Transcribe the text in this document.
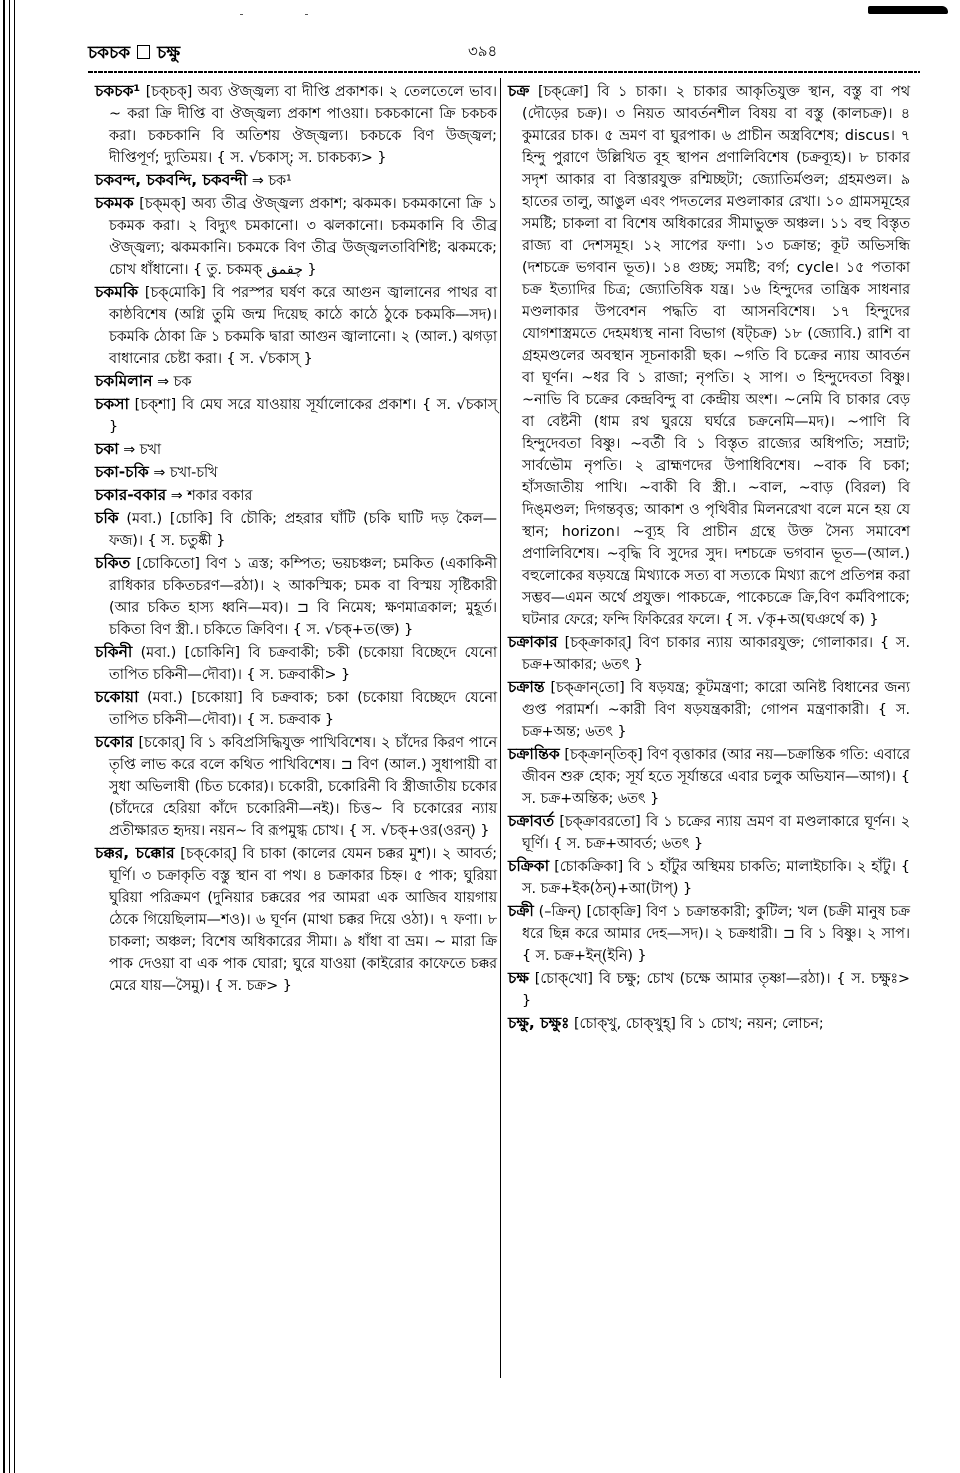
চকচক চক্ষু	৩৯৪

চকচক¹ [চক্‌চক্] অব্য ঔজ্জ্বল্য বা দীপ্তি প্রকাশক। ২ তেলতেলে ভাব। ~ করা ক্রি দীপ্তি বা ঔজ্জ্বল্য প্রকাশ পাওয়া। চকচকানো ক্রি চকচক করা। চকচকানি বি অতিশয় ঔজ্জ্বল্য। চকচকে বিণ উজ্জ্বল; দীপ্তিপূর্ণ; দ্যুতিময়। { স. √চকাস্; স. চাকচক্য> }

চকবন্দ, চকবন্দি, চকবন্দী ⇒ চক¹

চকমক [চক্‌মক্] অব্য তীব্র ঔজ্জ্বল্য প্রকাশ; ঝকমক। চকমকানো ক্রি ১ চকমক করা। ২ বিদ্যুৎ চমকানো। ৩ ঝলকানো। চকমকানি বি তীব্র ঔজ্জ্বল্য; ঝকমকানি। চকমকে বিণ তীব্র উজ্জ্বলতাবিশিষ্ট; ঝকমকে; চোখ ধাঁধানো। { তু. চকমক্ چقمق }

চকমকি [চক্‌মোকি] বি পরস্পর ঘর্ষণ করে আগুন জ্বালানের পাথর বা কাষ্ঠবিশেষ (অগ্নি তুমি জন্ম দিয়েছ কাঠে কাঠে ঠুকে চকমকি—সদ)। চকমকি ঠোকা ক্রি ১ চকমকি দ্বারা আগুন জ্বালানো। ২ (আল.) ঝগড়া বাধানোর চেষ্টা করা। { স. √চকাস্ }

চকমিলান ⇒ চক

চকসা [চক্‌শা] বি মেঘ সরে যাওয়ায় সূর্যালোকের প্রকাশ। { স. √চকাস্ }

চকা ⇒ চখা

চকা-চকি ⇒ চখা-চখি

চকার-বকার ⇒ শকার বকার

চকি (মবা.) [চোকি] বি চৌকি; প্রহরার ঘাঁটি (চকি ঘাটি দড় কৈল—ফজ)। { স. চতুষ্কী }

চকিত [চোকিতো] বিণ ১ ত্রস্ত; কম্পিত; ভয়চঞ্চল; চমকিত (একাকিনী রাধিকার চকিতচরণ—রঠা)। ২ আকস্মিক; চমক বা বিস্ময় সৃষ্টিকারী (আর চকিত হাস্য ধ্বনি—মব)। ⊐ বি নিমেষ; ক্ষণমাত্রকাল; মুহূর্ত। চকিতা বিণ স্ত্রী.। চকিতে ক্রিবিণ। { স. √চক্+ত(ক্ত) }

চকিনী (মবা.) [চোকিনি] বি চক্রবাকী; চকী (চকোয়া বিচ্ছেদে যেনো তাপিত চকিনী—দৌবা)। { স. চক্রবাকী> }

চকোয়া (মবা.) [চকোয়া] বি চক্রবাক; চকা (চকোয়া বিচ্ছেদে যেনো তাপিত চকিনী—দৌবা)। { স. চক্রবাক }

চকোর [চকোর্] বি ১ কবিপ্রসিদ্ধিযুক্ত পাখিবিশেষ। ২ চাঁদের কিরণ পানে তৃপ্তি লাভ করে বলে কথিত পাখিবিশেষ। ⊐ বিণ (আল.) সুধাপায়ী বা সুধা অভিলাষী (চিত চকোর)। চকোরী, চকোরিনী বি স্ত্রীজাতীয় চকোর (চাঁদেরে হেরিয়া কাঁদে চকোরিনী—নই)। চিত্ত~ বি চকোরের ন্যায় প্রতীক্ষারত হৃদয়। নয়ন~ বি রূপমুগ্ধ চোখ। { স. √চক্+ওর(ওরন্) }

চক্কর, চক্কোর [চক্‌কোর্] বি চাকা (কালের যেমন চক্কর মুশ)। ২ আবর্ত; ঘূর্ণি। ৩ চক্রাকৃতি বস্তু স্থান বা পথ। ৪ চক্রাকার চিহ্ন। ৫ পাক; ঘুরিয়া ঘুরিয়া পরিক্রমণ (দুনিয়ার চক্করের পর আমরা এক আজিব যায়গায় ঠেকে গিয়েছিলাম—শও)। ৬ ঘূর্ণন (মাথা চক্কর দিয়ে ওঠা)। ৭ ফণা। ৮ চাকলা; অঞ্চল; বিশেষ অধিকারের সীমা। ৯ ধাঁধা বা ভ্রম। ~ মারা ক্রি পাক দেওয়া বা এক পাক ঘোরা; ঘুরে যাওয়া (কাইরোর কাফেতে চক্কর মেরে যায়—সৈমু)। { স. চক্র> }

চক্র [চক্‌ক্রো] বি ১ চাকা। ২ চাকার আকৃতিযুক্ত স্থান, বস্তু বা পথ (দৌড়ের চক্র)। ৩ নিয়ত আবর্তনশীল বিষয় বা বস্তু (কালচক্র)। ৪ কুমারের চাক। ৫ ভ্রমণ বা ঘুরপাক। ৬ প্রাচীন অস্ত্রবিশেষ; discus। ৭ হিন্দু পুরাণে উল্লিখিত বূহ স্থাপন প্রণালিবিশেষ (চক্রব্যূহ)। ৮ চাকার সদৃশ আকার বা বিস্তারযুক্ত রশ্মিচ্ছটা; জ্যোতির্মণ্ডল; গ্রহমণ্ডল। ৯ হাতের তালু, আঙুল এবং পদতলের মণ্ডলাকার রেখা। ১০ গ্রামসমূহের সমষ্টি; চাকলা বা বিশেষ অধিকারের সীমাভুক্ত অঞ্চল। ১১ বহু বিস্তৃত রাজ্য বা দেশসমূহ। ১২ সাপের ফণা। ১৩ চক্রান্ত; কূট অভিসন্ধি (দশচক্রে ভগবান ভূত)। ১৪ গুচ্ছ; সমষ্টি; বর্গ; cycle। ১৫ পতাকা চক্র ইত্যাদির চিত্র; জ্যোতিষিক যন্ত্র। ১৬ হিন্দুদের তান্ত্রিক সাধনার মণ্ডলাকার উপবেশন পদ্ধতি বা আসনবিশেষ। ১৭ হিন্দুদের যোগশাস্ত্রমতে দেহমধ্যস্থ নানা বিভাগ (ষট্‌চক্র) ১৮ (জ্যোবি.) রাশি বা গ্রহমণ্ডলের অবস্থান সূচনাকারী ছক। ~গতি বি চক্রের ন্যায় আবর্তন বা ঘূর্ণন। ~ধর বি ১ রাজা; নৃপতি। ২ সাপ। ৩ হিন্দুদেবতা বিষ্ণু। ~নাভি বি চক্রের কেন্দ্রবিন্দু বা কেন্দ্রীয় অংশ। ~নেমি বি চাকার বেড় বা বেষ্টনী (ধাম রথ ঘুরয়ে ঘর্ঘরে চক্রনেমি—মদ)। ~পাণি বি হিন্দুদেবতা বিষ্ণু। ~বর্তী বি ১ বিস্তৃত রাজ্যের অধিপতি; সম্রাট; সার্বভৌম নৃপতি। ২ ব্রাহ্মণদের উপাধিবিশেষ। ~বাক বি চকা; হাঁসজাতীয় পাখি। ~বাকী বি স্ত্রী.। ~বাল, ~বাড় (বিরল) বি দিঙ্‌মণ্ডল; দিগন্তবৃত্ত; আকাশ ও পৃথিবীর মিলনরেখা বলে মনে হয় যে স্থান; horizon। ~ব্যূহ বি প্রাচীন গ্রন্থে উক্ত সৈন্য সমাবেশ প্রণালিবিশেষ। ~বৃদ্ধি বি সুদের সুদ। দশচক্রে ভগবান ভূত—(আল.) বহুলোকের ষড়যন্ত্রে মিথ্যাকে সত্য বা সত্যকে মিথ্যা রূপে প্রতিপন্ন করা সম্ভব—এমন অর্থে প্রযুক্ত। পাকচক্রে, পাকেচক্রে ক্রি,বিণ কর্মবিপাকে; ঘটনার ফেরে; ফন্দি ফিকিরের ফলে। { স. √কৃ+অ(ঘঞর্থে ক) }

চক্রাকার [চক্‌ক্রাকার্] বিণ চাকার ন্যায় আকারযুক্ত; গোলাকার। { স. চক্র+আকার; ৬তৎ }

চক্রান্ত [চক্‌ক্রান্‌তো] বি ষড়যন্ত্র; কূটমন্ত্রণা; কারো অনিষ্ট বিধানের জন্য গুপ্ত পরামর্শ। ~কারী বিণ ষড়যন্ত্রকারী; গোপন মন্ত্রণাকারী। { স. চক্র+অন্ত; ৬তৎ }

চক্রান্তিক [চক্‌ক্রান্‌তিক্] বিণ বৃত্তাকার (আর নয়—চক্রান্তিক গতি: এবারে জীবন শুরু হোক; সূর্য হতে সূর্যান্তরে এবার চলুক অভিযান—আগ)। { স. চক্র+অন্তিক; ৬তৎ }

চক্রাবর্ত [চক্‌ক্রাবরতো] বি ১ চক্রের ন্যায় ভ্রমণ বা মণ্ডলাকারে ঘূর্ণন। ২ ঘূর্ণি। { স. চক্র+আবর্ত; ৬তৎ }

চক্রিকা [চোকক্রিকা] বি ১ হাঁটুর অস্থিময় চাকতি; মালাইচাকি। ২ হাঁটু। { স. চক্র+ইক(ঠন্)+আ(টাপ্) }

চক্রী (–ক্রিন্) [চোক্‌ক্রি] বিণ ১ চক্রান্তকারী; কুটিল; খল (চক্রী মানুষ চক্র ধরে ছিন্ন করে আমার দেহ—সদ)। ২ চক্রধারী। ⊐ বি ১ বিষ্ণু। ২ সাপ। { স. চক্র+ইন্(ইনি) }

চক্ষ [চোক্‌খো] বি চক্ষু; চোখ (চক্ষে আমার তৃষ্ণা—রঠা)। { স. চক্ষুঃ> }

চক্ষু, চক্ষুঃ [চোক্‌খু, চোক্‌খুহ্] বি ১ চোখ; নয়ন; লোচন;
